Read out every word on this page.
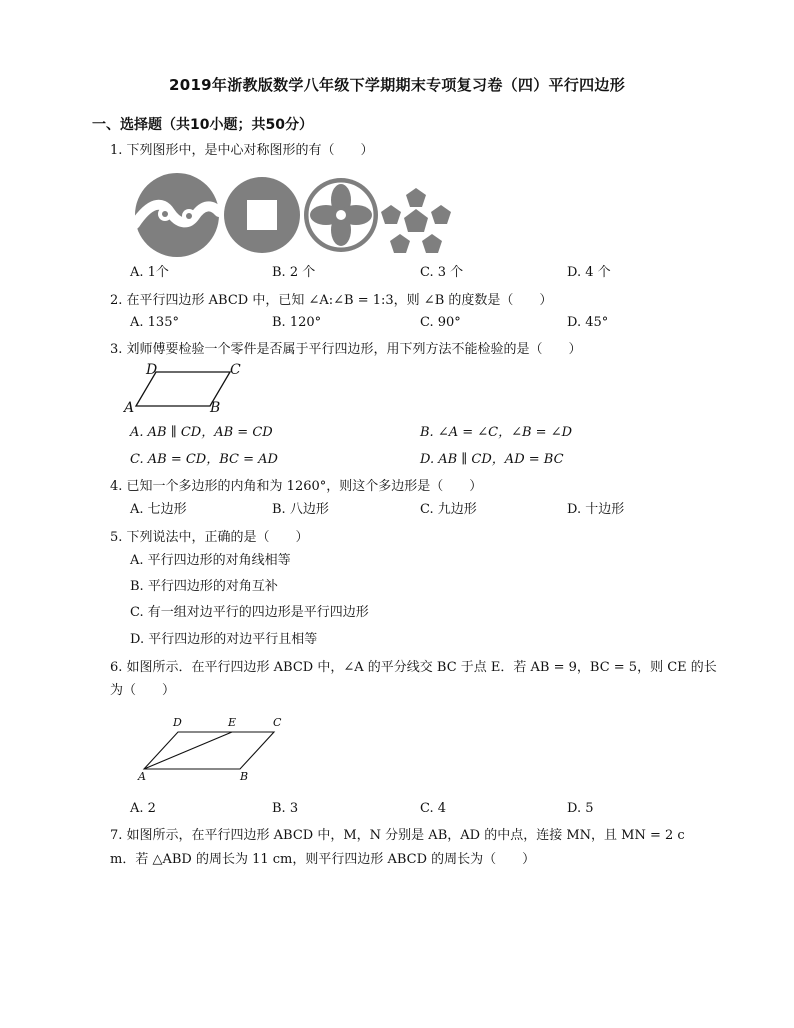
2019年浙教版数学八年级下学期期末专项复习卷（四）平行四边形
一、选择题（共10小题；共50分）
1. 下列图形中，是中心对称图形的有（　　）
A. 1个	B. 2 个	C. 3 个	D. 4 个
2. 在平行四边形 ABCD 中，已知 ∠A:∠B = 1:3，则 ∠B 的度数是（　　）
A. 135°	B. 120°	C. 90°	D. 45°
3. 刘师傅要检验一个零件是否属于平行四边形，用下列方法不能检验的是（　　）
D	C
A	B
A. AB ∥ CD，AB = CD	B. ∠A = ∠C，∠B = ∠D
C. AB = CD，BC = AD	D. AB ∥ CD，AD = BC
4. 已知一个多边形的内角和为 1260°，则这个多边形是（　　）
A. 七边形	B. 八边形	C. 九边形	D. 十边形
5. 下列说法中，正确的是（　　）
A. 平行四边形的对角线相等
B. 平行四边形的对角互补
C. 有一组对边平行的四边形是平行四边形
D. 平行四边形的对边平行且相等
6. 如图所示．在平行四边形 ABCD 中，∠A 的平分线交 BC 于点 E．若 AB = 9，BC = 5，则 CE 的长
为（　　）
D	E	C
A	B
A. 2	B. 3	C. 4	D. 5
7. 如图所示，在平行四边形 ABCD 中，M，N 分别是 AB，AD 的中点，连接 MN，且 MN = 2 c
m．若 △ABD 的周长为 11 cm，则平行四边形 ABCD 的周长为（　　）
